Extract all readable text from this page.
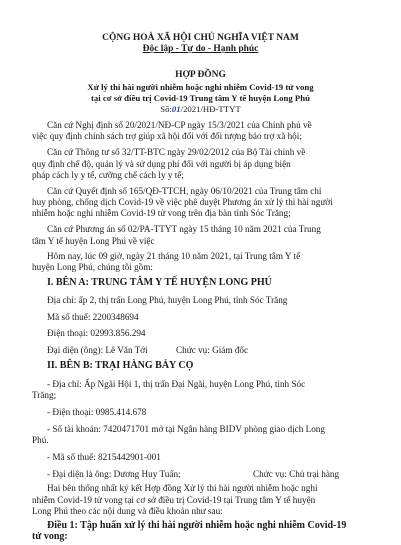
CỘNG HOÀ XÃ HỘI CHỦ NGHĨA VIỆT NAM
Độc lập - Tự do - Hạnh phúc
HỢP ĐỒNG
Xử lý thi hài người nhiễm hoặc nghi nhiễm Covid-19 tử vong
tại cơ sở điều trị Covid-19 Trung tâm Y tế huyện Long Phú
Số:01/2021/HĐ-TTYT
Căn cứ Nghị định số 20/2021/NĐ-CP ngày 15/3/2021 của Chính phủ về
việc quy định chính sách trợ giúp xã hội đối với đối tượng bảo trợ xã hội;
Căn cứ Thông tư số 32/TT-BTC ngày 29/02/2012 của Bộ Tài chính về
quy định chế độ, quản lý và sử dụng phí đối với người bị áp dụng biện
pháp cách ly y tế, cưỡng chế cách ly y tế;
Căn cứ Quyết định số 165/QĐ-TTCH, ngày 06/10/2021 của Trung tâm chỉ
huy phòng, chống dịch Covid-19 về việc phê duyệt Phương án xử lý thi hài người
nhiễm hoặc nghi nhiễm Covid-19 tử vong trên địa bàn tỉnh Sóc Trăng;
Căn cứ Phương án số 02/PA-TTYT ngày 15 tháng 10 năm 2021 của Trung
tâm Y tế huyện Long Phú về việc
Hôm nay, lúc 09 giờ, ngày 21 tháng 10 năm 2021, tại Trung tâm Y tế
huyện Long Phú, chúng tôi gồm:
I. BÊN A: TRUNG TÂM Y TẾ HUYỆN LONG PHÚ
Địa chỉ: ấp 2, thị trấn Long Phú, huyện Long Phú, tỉnh Sóc Trăng
Mã số thuế: 2200348694
Điện thoại: 02993.856.294
Đại diện (ông): Lê Văn Tới	Chức vụ: Giám đốc
II. BÊN B: TRẠI HÀNG BẢY CỌ
- Địa chỉ: Ấp Ngãi Hội 1, thị trấn Đại Ngãi, huyện Long Phú, tỉnh Sóc
Trăng;
- Điện thoại: 0985.414.678
- Số tài khoản: 7420471701 mở tại Ngân hàng BIDV phòng giao dịch Long
Phú.
- Mã số thuế: 8215442901-001
- Đại diện là ông: Dương Huy Tuấn;	Chức vụ: Chủ trại hàng
Hai bên thống nhất ký kết Hợp đồng Xử lý thi hài người nhiễm hoặc nghi
nhiễm Covid-19 tử vong tại cơ sở điều trị Covid-19 tại Trung tâm Y tế huyện
Long Phú theo các nội dung và điều khoản như sau:
Điều 1: Tập huấn xử lý thi hài người nhiễm hoặc nghi nhiễm Covid-19
tử vong:
